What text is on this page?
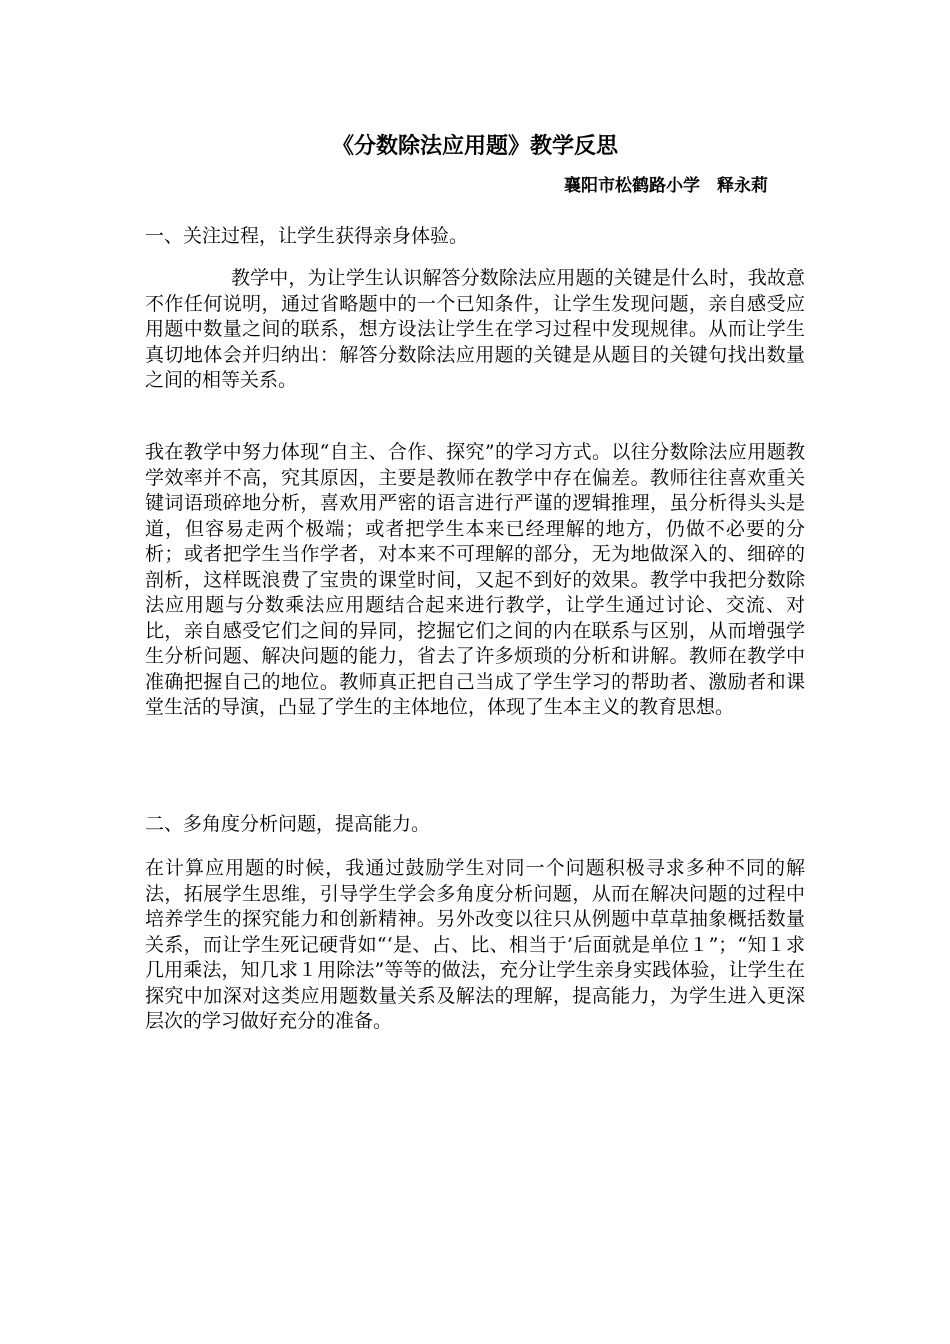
《分数除法应用题》教学反思

襄阳市松鹤路小学　释永莉

一、关注过程，让学生获得亲身体验。

教学中，为让学生认识解答分数除法应用题的关键是什么时，我故意不作任何说明，通过省略题中的一个已知条件，让学生发现问题，亲自感受应用题中数量之间的联系，想方设法让学生在学习过程中发现规律。从而让学生真切地体会并归纳出：解答分数除法应用题的关键是从题目的关键句找出数量之间的相等关系。

我在教学中努力体现“自主、合作、探究”的学习方式。以往分数除法应用题教学效率并不高，究其原因，主要是教师在教学中存在偏差。教师往往喜欢重关键词语琐碎地分析，喜欢用严密的语言进行严谨的逻辑推理，虽分析得头头是道，但容易走两个极端；或者把学生本来已经理解的地方，仍做不必要的分析；或者把学生当作学者，对本来不可理解的部分，无为地做深入的、细碎的剖析，这样既浪费了宝贵的课堂时间，又起不到好的效果。教学中我把分数除法应用题与分数乘法应用题结合起来进行教学，让学生通过讨论、交流、对比，亲自感受它们之间的异同，挖掘它们之间的内在联系与区别，从而增强学生分析问题、解决问题的能力，省去了许多烦琐的分析和讲解。教师在教学中准确把握自己的地位。教师真正把自己当成了学生学习的帮助者、激励者和课堂生活的导演，凸显了学生的主体地位，体现了生本主义的教育思想。

二、多角度分析问题，提高能力。

在计算应用题的时候，我通过鼓励学生对同一个问题积极寻求多种不同的解法，拓展学生思维，引导学生学会多角度分析问题，从而在解决问题的过程中培养学生的探究能力和创新精神。另外改变以往只从例题中草草抽象概括数量关系，而让学生死记硬背如“‘是、占、比、相当于’后面就是单位１”；“知１求几用乘法，知几求１用除法”等等的做法，充分让学生亲身实践体验，让学生在探究中加深对这类应用题数量关系及解法的理解，提高能力，为学生进入更深层次的学习做好充分的准备。
